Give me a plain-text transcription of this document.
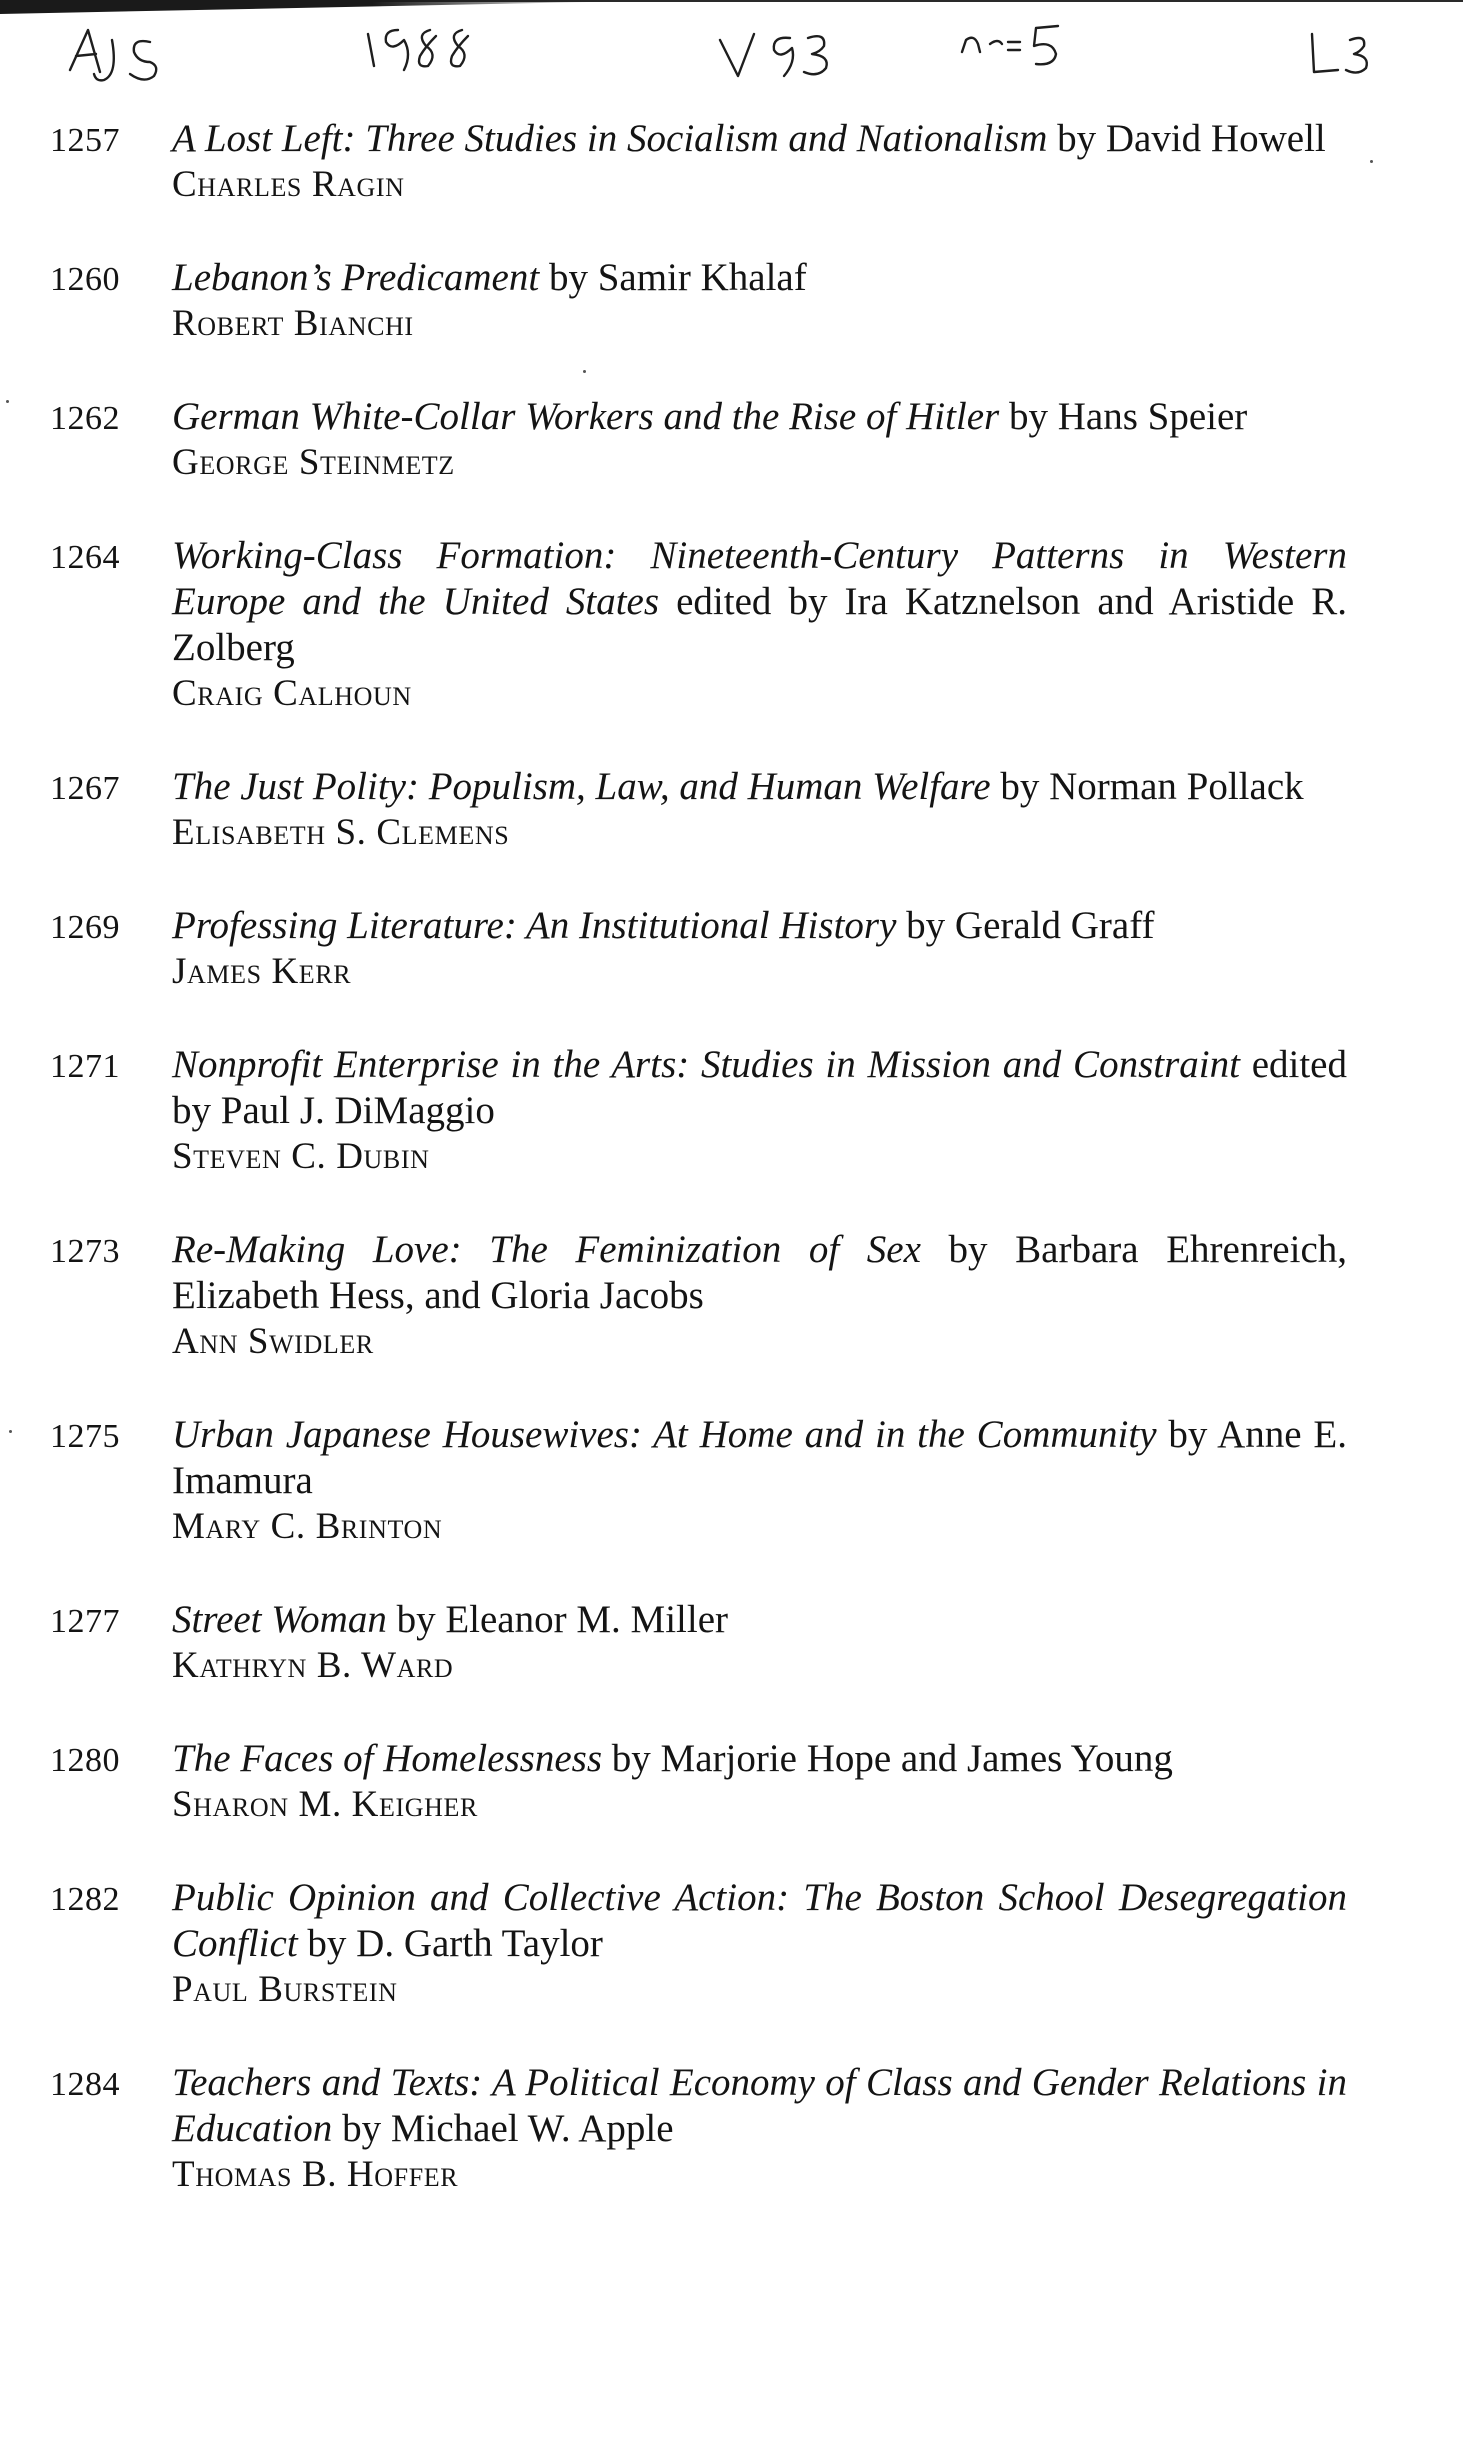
1257	A Lost Left: Three Studies in Socialism and Nationalism by David Howell
Charles Ragin
1260	Lebanon’s Predicament by Samir Khalaf
Robert Bianchi
1262	German White-Collar Workers and the Rise of Hitler by Hans Speier
George Steinmetz
1264	Working-Class Formation: Nineteenth-Century Patterns in Western Europe and the United States edited by Ira Katznelson and Aristide R. Zolberg
Craig Calhoun
1267	The Just Polity: Populism, Law, and Human Welfare by Norman Pollack
Elisabeth S. Clemens
1269	Professing Literature: An Institutional History by Gerald Graff
James Kerr
1271	Nonprofit Enterprise in the Arts: Studies in Mission and Constraint edited by Paul J. DiMaggio
Steven C. Dubin
1273	Re-Making Love: The Feminization of Sex by Barbara Ehrenreich, Elizabeth Hess, and Gloria Jacobs
Ann Swidler
1275	Urban Japanese Housewives: At Home and in the Community by Anne E. Imamura
Mary C. Brinton
1277	Street Woman by Eleanor M. Miller
Kathryn B. Ward
1280	The Faces of Homelessness by Marjorie Hope and James Young
Sharon M. Keigher
1282	Public Opinion and Collective Action: The Boston School Desegregation Conflict by D. Garth Taylor
Paul Burstein
1284	Teachers and Texts: A Political Economy of Class and Gender Relations in Education by Michael W. Apple
Thomas B. Hoffer
